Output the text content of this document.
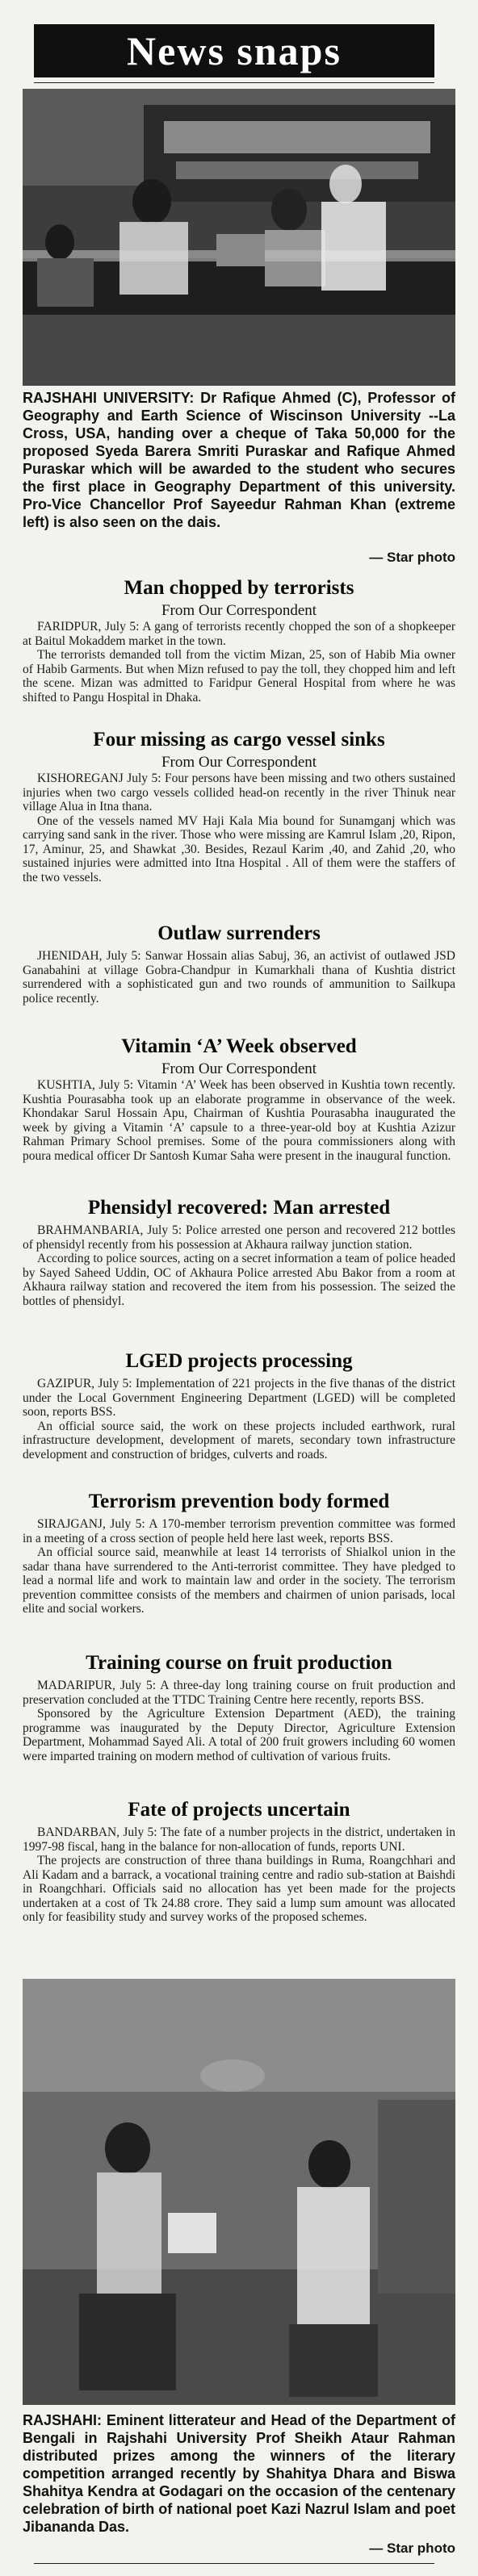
News snaps
RAJSHAHI UNIVERSITY: Dr Rafique Ahmed (C), Professor of Geography and Earth Science of Wiscinson University --La Cross, USA, handing over a cheque of Taka 50,000 for the proposed Syeda Barera Smriti Puraskar and Rafique Ahmed Puraskar which will be awarded to the student who secures the first place in Geography Department of this university. Pro-Vice Chancellor Prof Sayeedur Rahman Khan (extreme left) is also seen on the dais.
— Star photo
Man chopped by terrorists
From Our Correspondent

FARIDPUR, July 5: A gang of terrorists recently chopped the son of a shopkeeper at Baitul Mokaddem market in the town.

The terrorists demanded toll from the victim Mizan, 25, son of Habib Mia owner of Habib Garments. But when Mizn refused to pay the toll, they chopped him and left the scene. Mizan was admitted to Faridpur General Hospital from where he was shifted to Pangu Hospital in Dhaka.

Four missing as cargo vessel sinks
From Our Correspondent

KISHOREGANJ July 5: Four persons have been missing and two others sustained injuries when two cargo vessels collided head-on recently in the river Thinuk near village Alua in Itna thana.

One of the vessels named MV Haji Kala Mia bound for Sunamganj which was carrying sand sank in the river. Those who were missing are Kamrul Islam ,20, Ripon, 17, Aminur, 25, and Shawkat ,30. Besides, Rezaul Karim ,40, and Zahid ,20, who sustained injuries were admitted into Itna Hospital . All of them were the staffers of the two vessels.

Outlaw surrenders

JHENIDAH, July 5: Sanwar Hossain alias Sabuj, 36, an activist of outlawed JSD Ganabahini at village Gobra-Chandpur in Kumarkhali thana of Kushtia district surrendered with a sophisticated gun and two rounds of ammunition to Sailkupa police recently.

Vitamin ‘A’ Week observed
From Our Correspondent

KUSHTIA, July 5: Vitamin ‘A’ Week has been observed in Kushtia town recently. Kushtia Pourasabha took up an elaborate programme in observance of the week. Khondakar Sarul Hossain Apu, Chairman of Kushtia Pourasabha inaugurated the week by giving a Vitamin ‘A’ capsule to a three-year-old boy at Kushtia Azizur Rahman Primary School premises. Some of the poura commissioners along with poura medical officer Dr Santosh Kumar Saha were present in the inaugural function.

Phensidyl recovered: Man arrested

BRAHMANBARIA, July 5: Police arrested one person and recovered 212 bottles of phensidyl recently from his possession at Akhaura railway junction station.

According to police sources, acting on a secret information a team of police headed by Sayed Saheed Uddin, OC of Akhaura Police arrested Abu Bakor from a room at Akhaura railway station and recovered the item from his possession. The seized the bottles of phensidyl.

LGED projects processing

GAZIPUR, July 5: Implementation of 221 projects in the five thanas of the district under the Local Government Engineering Department (LGED) will be completed soon, reports BSS.

An official source said, the work on these projects included earthwork, rural infrastructure development, development of marets, secondary town infrastructure development and construction of bridges, culverts and roads.

Terrorism prevention body formed

SIRAJGANJ, July 5: A 170-member terrorism prevention committee was formed in a meeting of a cross section of people held here last week, reports BSS.

An official source said, meanwhile at least 14 terrorists of Shialkol union in the sadar thana have surrendered to the Anti-terrorist committee. They have pledged to lead a normal life and work to maintain law and order in the society. The terrorism prevention committee consists of the members and chairmen of union parisads, local elite and social workers.

Training course on fruit production

MADARIPUR, July 5: A three-day long training course on fruit production and preservation concluded at the TTDC Training Centre here recently, reports BSS.

Sponsored by the Agriculture Extension Department (AED), the training programme was inaugurated by the Deputy Director, Agriculture Extension Department, Mohammad Sayed Ali. A total of 200 fruit growers including 60 women were imparted training on modern method of cultivation of various fruits.

Fate of projects uncertain

BANDARBAN, July 5: The fate of a number projects in the district, undertaken in 1997-98 fiscal, hang in the balance for non-allocation of funds, reports UNI.

The projects are construction of three thana buildings in Ruma, Roangchhari and Ali Kadam and a barrack, a vocational training centre and radio sub-station at Baishdi in Roangchhari. Officials said no allocation has yet been made for the projects undertaken at a cost of Tk 24.88 crore. They said a lump sum amount was allocated only for feasibility study and survey works of the proposed schemes.

RAJSHAHI: Eminent litterateur and Head of the Department of Bengali in Rajshahi University Prof Sheikh Ataur Rahman distributed prizes among the winners of the literary competition arranged recently by Shahitya Dhara and Biswa Shahitya Kendra at Godagari on the occasion of the centenary celebration of birth of national poet Kazi Nazrul Islam and poet Jibananda Das.
— Star photo
